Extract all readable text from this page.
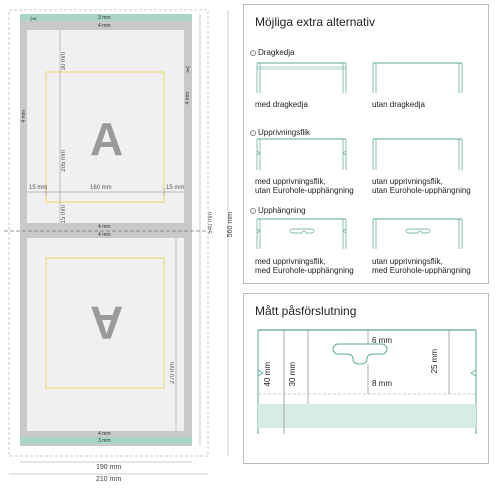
✂
✂
3 mm
4 mm
4 mm
4 mm
4 mm
3 mm
4 mm
4 mm
30 mm
205 mm
15 mm
15 mm	160 mm	15 mm
270 mm
A
A
540 mm 560 mm
190 mm
210 mm
Möjliga extra alternativ
Dragkedja
med dragkedja	utan dragkedja
Upprivningsflik
med upprivningsflik,
utan Eurohole-upphängning
utan upprivningsflik,
utan Eurohole-upphängning
Upphängning
med upprivningsflik,
med Eurohole-upphängning
utan upprivningsflik,
med Eurohole-upphängning
Mått påsförslutning
6 mm
8 mm
40 mm 30 mm
25 mm
